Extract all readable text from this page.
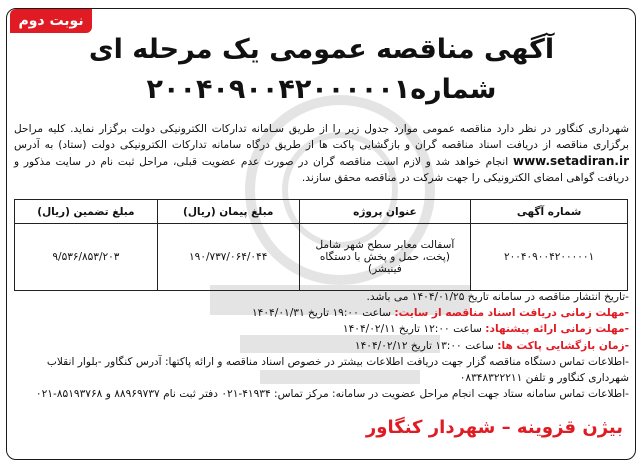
نوبت دوم
آگهی مناقصه عمومی یک مرحله ای
شماره۲۰۰۴۰۹۰۰۴۲۰۰۰۰۰۱
شهرداری کنگاور در نظر دارد مناقصه عمومی موارد جدول زیر را از طریق سـامانه تدارکات الکترونیکی دولت برگزار نماید. کلیه مراحل برگزاری مناقصه از دریافت اسناد مناقصه گران و بازگشایی پاکت ها از طریق درگاه سامانه تدارکات الکترونیکی دولت (ستاد) به آدرس www.setadiran.ir انجام خواهد شد و لازم است مناقصه گران در صورت عدم عضویت قبلی، مراحل ثبت نام در سایت مذکور و دریافت گواهی امضای الکترونیکی را جهت شرکت در مناقصه محقق سازند.
شماره آگهی	عنوان پروژه	مبلغ پیمان (ریال)	مبلغ تضمین (ریال)
۲۰۰۴۰۹۰۰۴۲۰۰۰۰۰۱	آسفالت معابر سطح شهر شامل (پخت، حمل و پخش با دستگاه فینیشر)	۱۹۰/۷۳۷/۰۶۴/۰۴۴	۹/۵۳۶/۸۵۳/۲۰۳
-تاریخ انتشار مناقصه در سامانه تاریخ ۱۴۰۴/۰۱/۲۵ می باشد.
-مهلت زمانی دریافت اسناد مناقصه از سایت: ساعت ۱۹:۰۰ تاریخ ۱۴۰۴/۰۱/۳۱
-مهلت زمانی ارائه پیشنهاد: ساعت ۱۲:۰۰ تاریخ ۱۴۰۴/۰۲/۱۱
-زمان بازگشایی پاکت ها: ساعت ۱۳:۰۰ تاریخ ۱۴۰۴/۰۲/۱۲
-اطلاعات تماس دستگاه مناقصه گزار جهت دریافت اطلاعات بیشتر در خصوص اسناد مناقصه و ارائه پاکتها: آدرس کنگاور -بلوار انقلاب شهرداری کنگاور و تلفن ۰۸۳۴۸۳۲۲۲۱۱
-اطلاعات تماس سامانه ستاد جهت انجام مراحل عضویت در سامانه: مرکز تماس: ۴۱۹۳۴-۰۲۱ دفتر ثبت نام ۸۸۹۶۹۷۳۷ و ۸۵۱۹۳۷۶۸-۰۲۱
بیژن قزوینه – شهردار کنگاور
